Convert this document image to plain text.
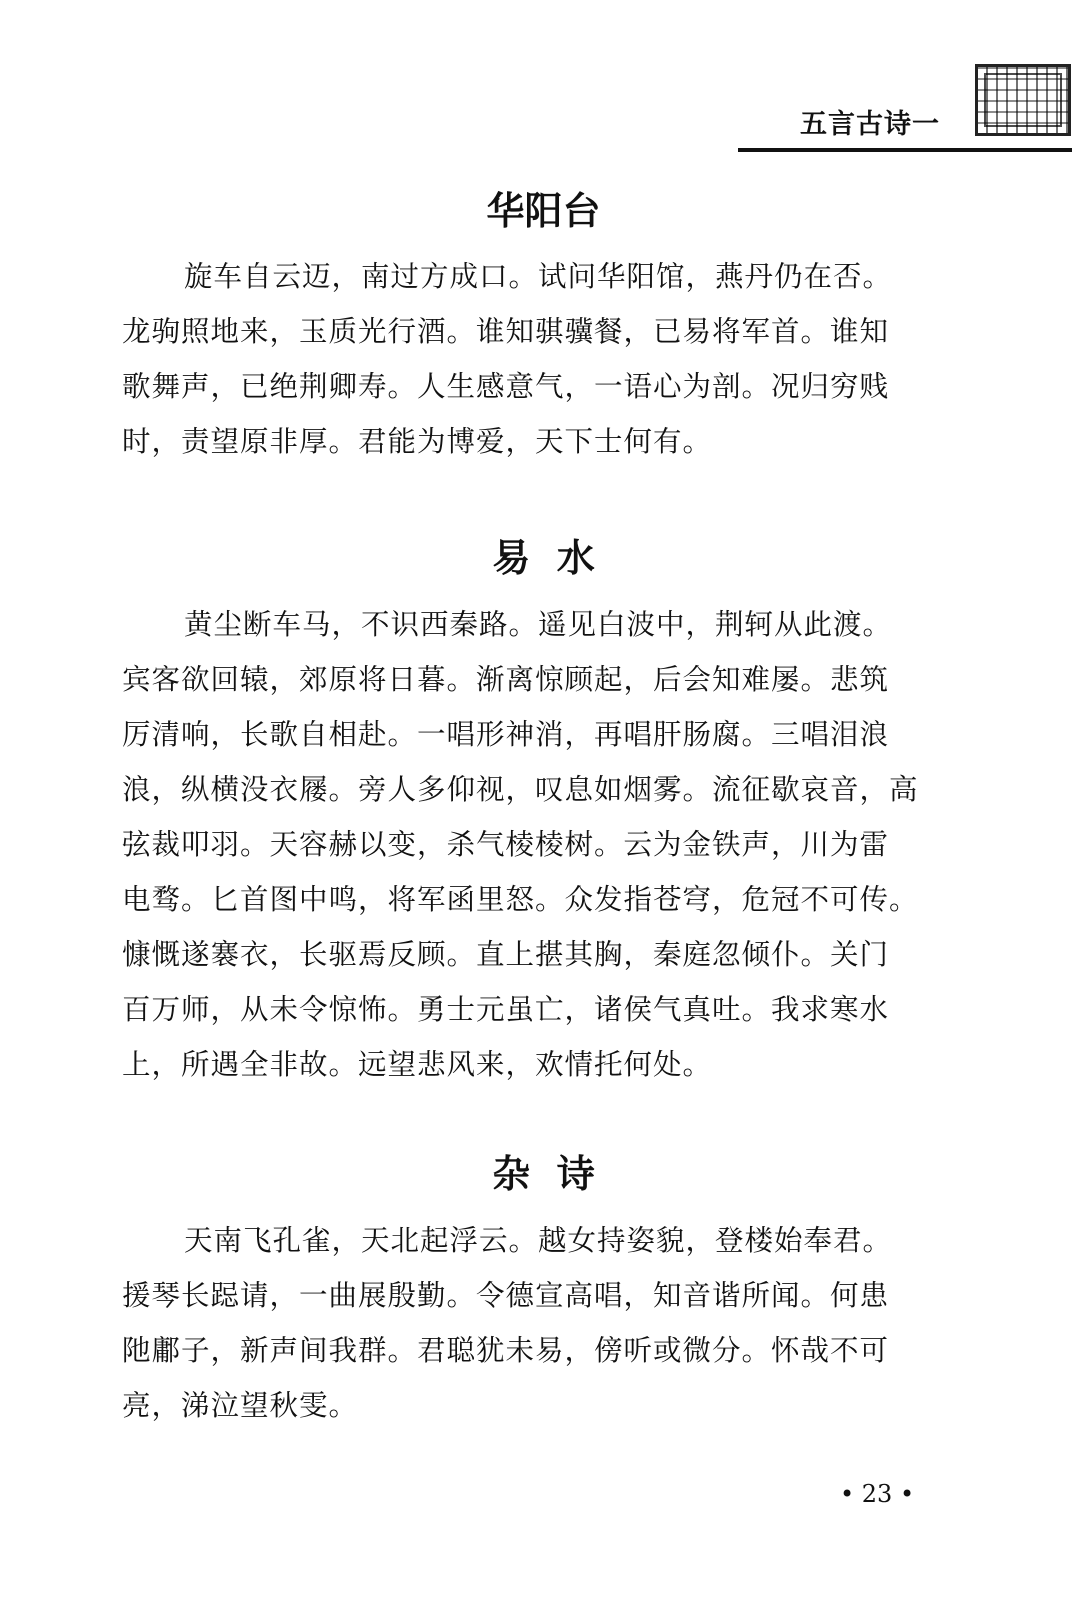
五言古诗一
华阳台
旋车自云迈，南过方成口。试问华阳馆，燕丹仍在否。
龙驹照地来，玉质光行酒。谁知骐骥餐，已易将军首。谁知
歌舞声，已绝荆卿寿。人生感意气，一语心为剖。况归穷贱
时，责望原非厚。君能为博爱，天下士何有。
易  水
黄尘断车马，不识西秦路。遥见白波中，荆轲从此渡。
宾客欲回辕，郊原将日暮。渐离惊顾起，后会知难屡。悲筑
厉清响，长歌自相赴。一唱形神消，再唱肝肠腐。三唱泪浪
浪，纵横没衣屦。旁人多仰视，叹息如烟雾。流征歇哀音，高
弦裁叩羽。天容赫以变，杀气棱棱树。云为金铁声，川为雷
电骛。匕首图中鸣，将军函里怒。众发指苍穹，危冠不可传。
慷慨遂褰衣，长驱焉反顾。直上揕其胸，秦庭忽倾仆。关门
百万师，从未令惊怖。勇士元虽亡，诸侯气真吐。我求寒水
上，所遇全非故。远望悲风来，欢情托何处。
杂  诗
天南飞孔雀，天北起浮云。越女持姿貌，登楼始奉君。
援琴长跽请，一曲展殷勤。令德宣高唱，知音谐所闻。何患
阤鄘子，新声间我群。君聪犹未易，傍听或微分。怀哉不可
亮，涕泣望秋雯。
• 23 •
